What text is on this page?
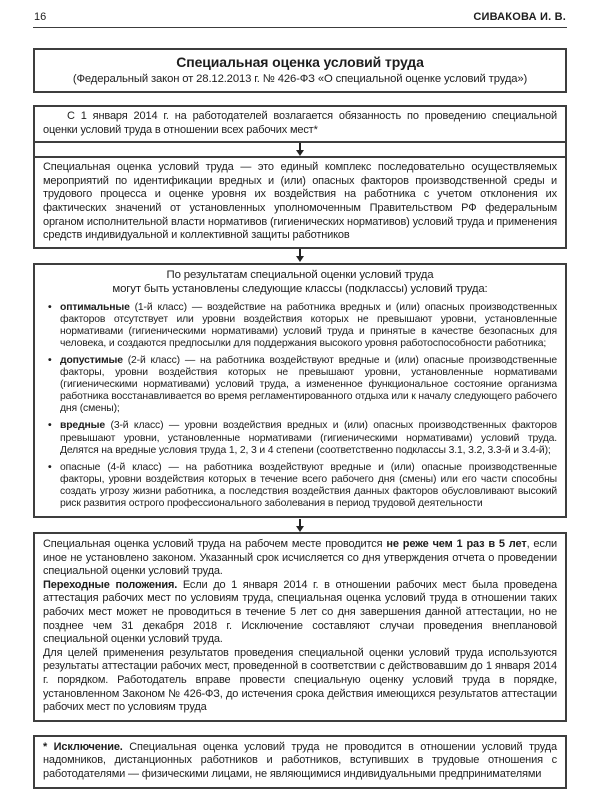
16	СИВАКОВА И. В.
Специальная оценка условий труда
(Федеральный закон от 28.12.2013 г. № 426-ФЗ «О специальной оценке условий труда»)

С 1 января 2014 г. на работодателей возлагается обязанность по проведению специальной оценки условий труда в отношении всех рабочих мест*

Специальная оценка условий труда — это единый комплекс последовательно осуществляемых мероприятий по идентификации вредных и (или) опасных факторов производственной среды и трудового процесса и оценке уровня их воздействия на работника с учетом отклонения их фактических значений от установленных уполномоченным Правительством РФ федеральным органом исполнительной власти нормативов (гигиенических нормативов) условий труда и применения средств индивидуальной и коллективной защиты работников

По результатам специальной оценки условий труда
могут быть установлены следующие классы (подклассы) условий труда:
• оптимальные (1-й класс) — воздействие на работника вредных и (или) опасных производственных факторов отсутствует или уровни воздействия которых не превышают уровни, установленные нормативами (гигиеническими нормативами) условий труда и принятые в качестве безопасных для человека, и создаются предпосылки для поддержания высокого уровня работоспособности работника;
• допустимые (2-й класс) — на работника воздействуют вредные и (или) опасные производственные факторы, уровни воздействия которых не превышают уровни, установленные нормативами (гигиеническими нормативами) условий труда, а измененное функциональное состояние организма работника восстанавливается во время регламентированного отдыха или к началу следующего рабочего дня (смены);
• вредные (3-й класс) — уровни воздействия вредных и (или) опасных производственных факторов превышают уровни, установленные нормативами (гигиеническими нормативами) условий труда. Делятся на вредные условия труда 1, 2, 3 и 4 степени (соответственно подклассы 3.1, 3.2, 3.3-й и 3.4-й);
• опасные (4-й класс) — на работника воздействуют вредные и (или) опасные производственные факторы, уровни воздействия которых в течение всего рабочего дня (смены) или его части способны создать угрозу жизни работника, а последствия воздействия данных факторов обусловливают высокий риск развития острого профессионального заболевания в период трудовой деятельности

Специальная оценка условий труда на рабочем месте проводится не реже чем 1 раз в 5 лет, если иное не установлено законом. Указанный срок исчисляется со дня утверждения отчета о проведении специальной оценки условий труда.

Переходные положения. Если до 1 января 2014 г. в отношении рабочих мест была проведена аттестация рабочих мест по условиям труда, специальная оценка условий труда в отношении таких рабочих мест может не проводиться в течение 5 лет со дня завершения данной аттестации, но не позднее чем 31 декабря 2018 г. Исключение составляют случаи проведения внеплановой специальной оценки условий труда.

Для целей применения результатов проведения специальной оценки условий труда используются результаты аттестации рабочих мест, проведенной в соответствии с действовавшим до 1 января 2014 г. порядком. Работодатель вправе провести специальную оценку условий труда в порядке, установленном Законом № 426-ФЗ, до истечения срока действия имеющихся результатов аттестации рабочих мест по условиям труда

* Исключение. Специальная оценка условий труда не проводится в отношении условий труда надомников, дистанционных работников и работников, вступивших в трудовые отношения с работодателями — физическими лицами, не являющимися индивидуальными предпринимателями
